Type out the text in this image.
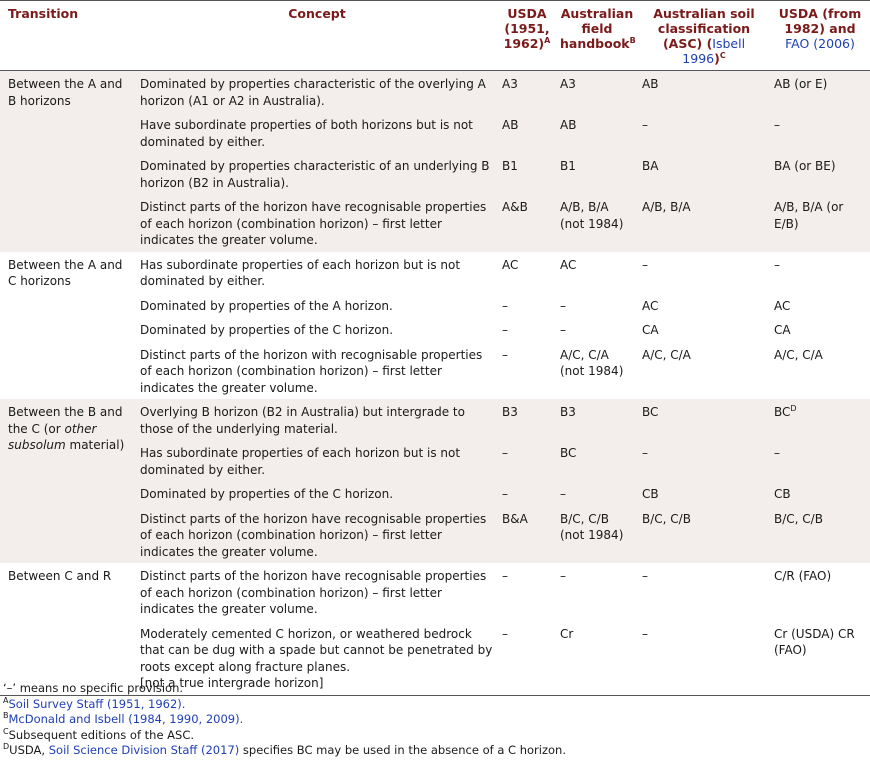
Transition	Concept	USDA
(1951,
1962)$^A$	Australian
field
handbook$^B$	Australian soil
classification
(ASC) (Isbell 1996)$^C$	USDA (from
1982) and
FAO (2006)
Between the A and B horizons	Dominated by properties characteristic of the overlying A horizon (A1 or A2 in Australia).	A3	A3	AB	AB (or E)
	Have subordinate properties of both horizons but is not dominated by either.	AB	AB	–	–
	Dominated by properties characteristic of an underlying B horizon (B2 in Australia).	B1	B1	BA	BA (or BE)
	Distinct parts of the horizon have recognisable properties of each horizon (combination horizon) – first letter indicates the greater volume.	A&B	A/B, B/A (not 1984)	A/B, B/A	A/B, B/A (or E/B)
Between the A and C horizons	Has subordinate properties of each horizon but is not dominated by either.	AC	AC	–	–
	Dominated by properties of the A horizon.	–	–	AC	AC
	Dominated by properties of the C horizon.	–	–	CA	CA
	Distinct parts of the horizon with recognisable properties of each horizon (combination horizon) – first letter indicates the greater volume.	–	A/C, C/A (not 1984)	A/C, C/A	A/C, C/A
Between the B and the C (or other subsolum material)	Overlying B horizon (B2 in Australia) but intergrade to those of the underlying material.	B3	B3	BC	$BC^D$
	Has subordinate properties of each horizon but is not dominated by either.	–	BC	–	–
	Dominated by properties of the C horizon.	–	–	CB	CB
	Distinct parts of the horizon have recognisable properties of each horizon (combination horizon) – first letter indicates the greater volume.	B&A	B/C, C/B (not 1984)	B/C, C/B	B/C, C/B
Between C and R	Distinct parts of the horizon have recognisable properties of each horizon (combination horizon) – first letter indicates the greater volume.	–	–	–	C/R (FAO)
	Moderately cemented C horizon, or weathered bedrock that can be dug with a spade but cannot be penetrated by roots except along fracture planes.
[not a true intergrade horizon]	–	Cr	–	Cr (USDA) CR (FAO)
‘–’ means no specific provision.
$^A$Soil Survey Staff (1951, 1962).
$^B$McDonald and Isbell (1984, 1990, 2009).
$^C$Subsequent editions of the ASC.
$^D$USDA, Soil Science Division Staff (2017) specifies BC may be used in the absence of a C horizon.
